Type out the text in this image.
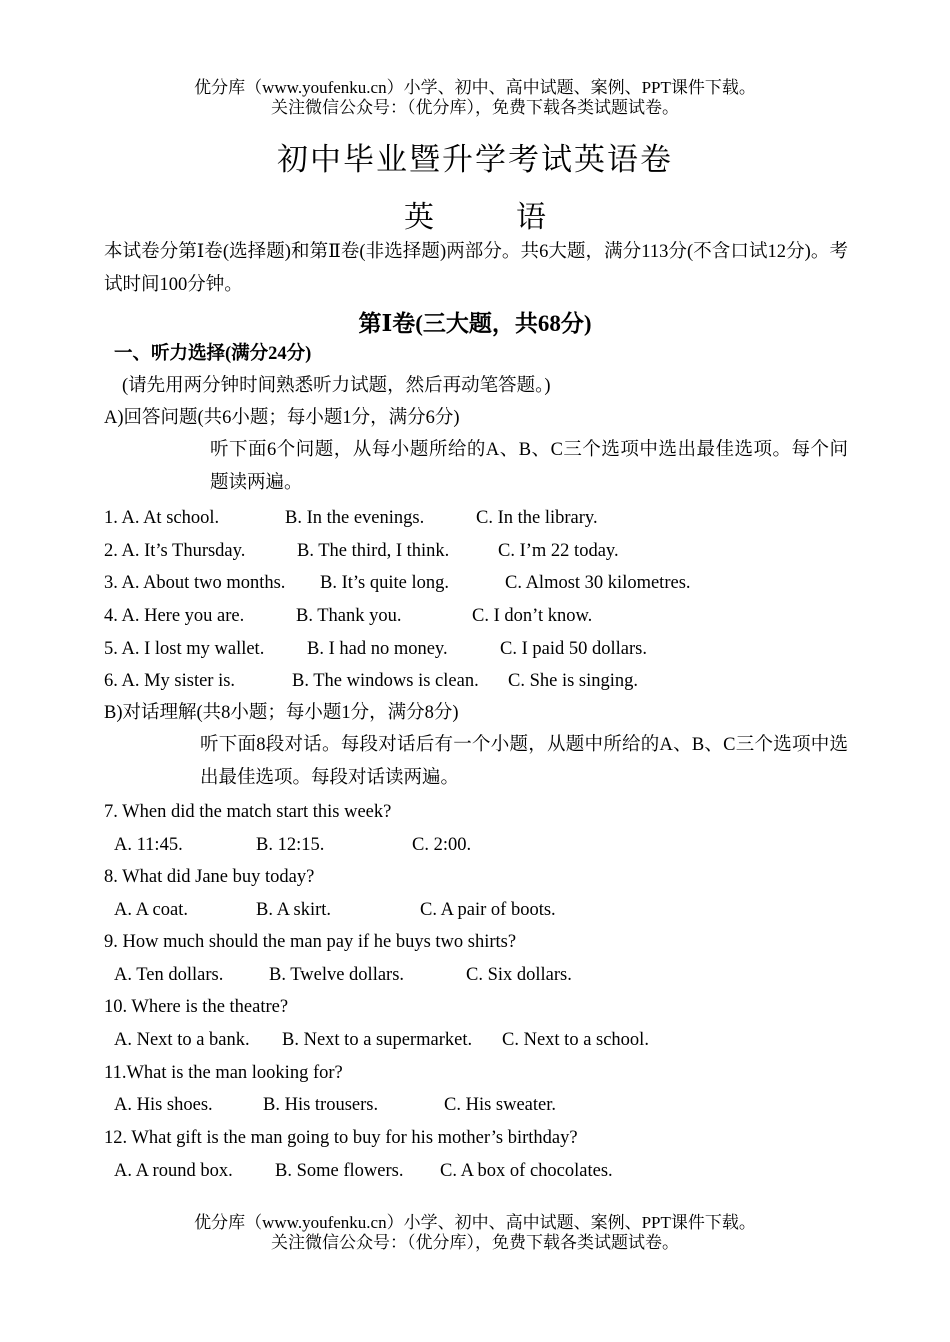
优分库（www.youfenku.cn）小学、初中、高中试题、案例、PPT课件下载。
关注微信公众号：（优分库），免费下载各类试题试卷。
初中毕业暨升学考试英语卷
英	语
本试卷分第Ⅰ卷(选择题)和第Ⅱ卷(非选择题)两部分。共6大题，满分113分(不含口试12分)。考试时间100分钟。
第Ⅰ卷(三大题，共68分)
一、听力选择(满分24分)
(请先用两分钟时间熟悉听力试题，然后再动笔答题。)
A)回答问题(共6小题；每小题1分，满分6分)
听下面6个问题，从每小题所给的A、B、C三个选项中选出最佳选项。每个问题读两遍。
1. A. At school.	B. In the evenings.	C. In the library.
2. A. It’s Thursday.	B. The third, I think.	C. I’m 22 today.
3. A. About two months. B. It’s quite long.	C. Almost 30 kilometres.
4. A. Here you are.	B. Thank you.	C. I don’t know.
5. A. I lost my wallet. B. I had no money.	C. I paid 50 dollars.
6. A. My sister is.	B. The windows is clean. C. She is singing.
B)对话理解(共8小题；每小题1分，满分8分)
听下面8段对话。每段对话后有一个小题，从题中所给的A、B、C三个选项中选出最佳选项。每段对话读两遍。
7. When did the match start this week?
A. 11:45.	B. 12:15.	C. 2:00.
8. What did Jane buy today?
A. A coat.	B. A skirt.	C. A pair of boots.
9. How much should the man pay if he buys two shirts?
A. Ten dollars. B. Twelve dollars.	C. Six dollars.
10. Where is the theatre?
A. Next to a bank. B. Next to a supermarket. C. Next to a school.
11.What is the man looking for?
A. His shoes.	B. His trousers.	C. His sweater.
12. What gift is the man going to buy for his mother’s birthday?
A. A round box. B. Some flowers. C. A box of chocolates.
优分库（www.youfenku.cn）小学、初中、高中试题、案例、PPT课件下载。
关注微信公众号：（优分库），免费下载各类试题试卷。
